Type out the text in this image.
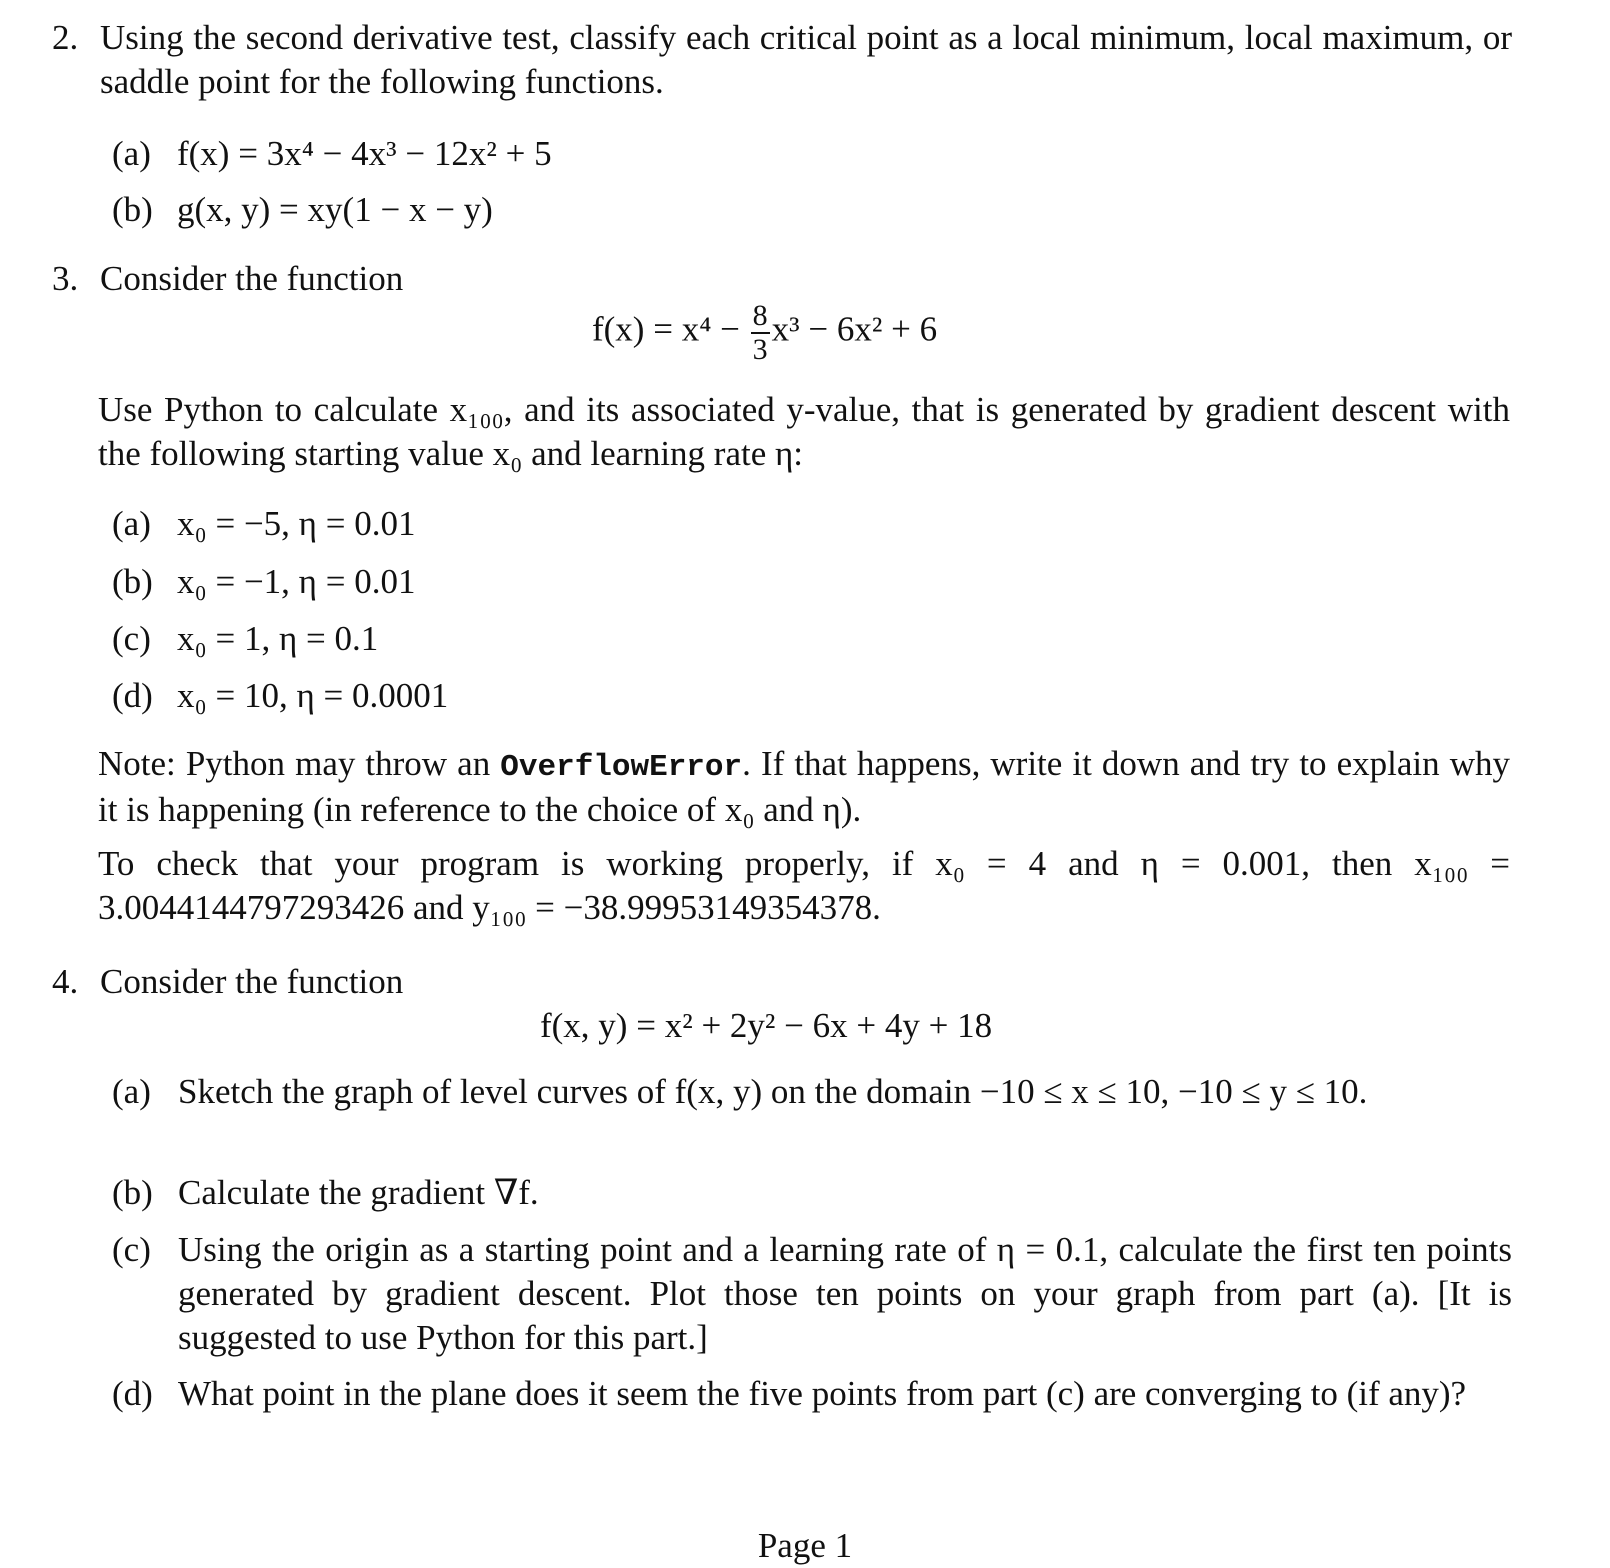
2. Using the second derivative test, classify each critical point as a local minimum, local maximum, or saddle point for the following functions.
(a) f(x) = 3x⁴ − 4x³ − 12x² + 5
(b) g(x, y) = xy(1 − x − y)
3. Consider the function
$f(x) = x^4 - \frac{8}{3} x^3 - 6x^2 + 6$
Use Python to calculate x₁₀₀, and its associated y-value, that is generated by gradient descent with the following starting value x₀ and learning rate η:
(a) x₀ = −5, η = 0.01
(b) x₀ = −1, η = 0.01
(c) x₀ = 1, η = 0.1
(d) x₀ = 10, η = 0.0001
Note: Python may throw an OverflowError. If that happens, write it down and try to explain why it is happening (in reference to the choice of x₀ and η).
To check that your program is working properly, if x₀ = 4 and η = 0.001, then x₁₀₀ = 3.0044144797293426 and y₁₀₀ = −38.99953149354378.
4. Consider the function
f(x, y) = x² + 2y² − 6x + 4y + 18
(a) Sketch the graph of level curves of f(x, y) on the domain −10 ≤ x ≤ 10, −10 ≤ y ≤ 10.
(b) Calculate the gradient ∇f.
(c) Using the origin as a starting point and a learning rate of η = 0.1, calculate the first ten points generated by gradient descent. Plot those ten points on your graph from part (a). [It is suggested to use Python for this part.]
(d) What point in the plane does it seem the five points from part (c) are converging to (if any)?
Page 1
